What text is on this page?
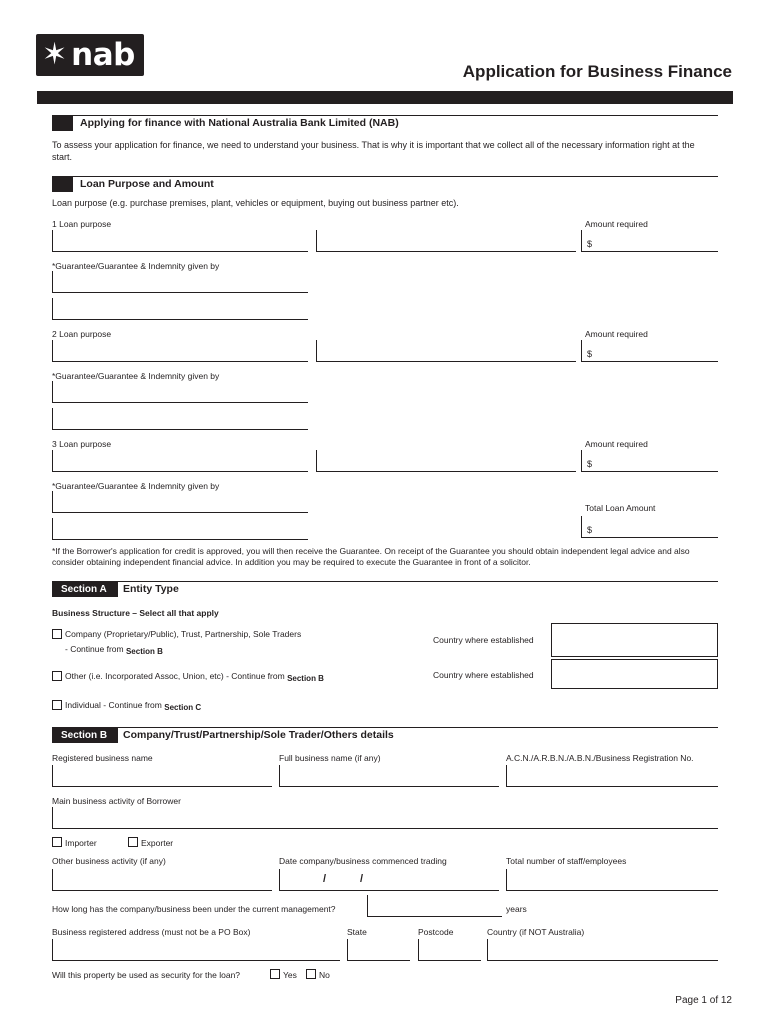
✶ nab	Application for Business Finance
Applying for finance with National Australia Bank Limited (NAB)
To assess your application for finance, we need to understand your business. That is why it is important that we collect all of the necessary information right at the start.
Loan Purpose and Amount
Loan purpose (e.g. purchase premises, plant, vehicles or equipment, buying out business partner etc).
1 Loan purpose	Amount required
$
*Guarantee/Guarantee & Indemnity given by
2 Loan purpose	Amount required
$
*Guarantee/Guarantee & Indemnity given by
3 Loan purpose	Amount required
$
*Guarantee/Guarantee & Indemnity given by
Total Loan Amount
$
*If the Borrower's application for credit is approved, you will then receive the Guarantee. On receipt of the Guarantee you should obtain independent legal advice and also consider obtaining independent financial advice. In addition you may be required to execute the Guarantee in front of a solicitor.
Section A	Entity Type
Business Structure – Select all that apply
Company (Proprietary/Public), Trust, Partnership, Sole Traders
- Continue from Section B
Country where established
Other (i.e. Incorporated Assoc, Union, etc) - Continue from Section B	Country where established
Individual - Continue from Section C
Section B	Company/Trust/Partnership/Sole Trader/Others details
Registered business name	Full business name (if any)	A.C.N./A.R.B.N./A.B.N./Business Registration No.
Main business activity of Borrower
Importer	Exporter
Other business activity (if any)	Date company/business commenced trading	Total number of staff/employees
/	/
How long has the company/business been under the current management?	years
Business registered address (must not be a PO Box)	State	Postcode	Country (if NOT Australia)
Will this property be used as security for the loan?	Yes	No
Page 1 of 12
